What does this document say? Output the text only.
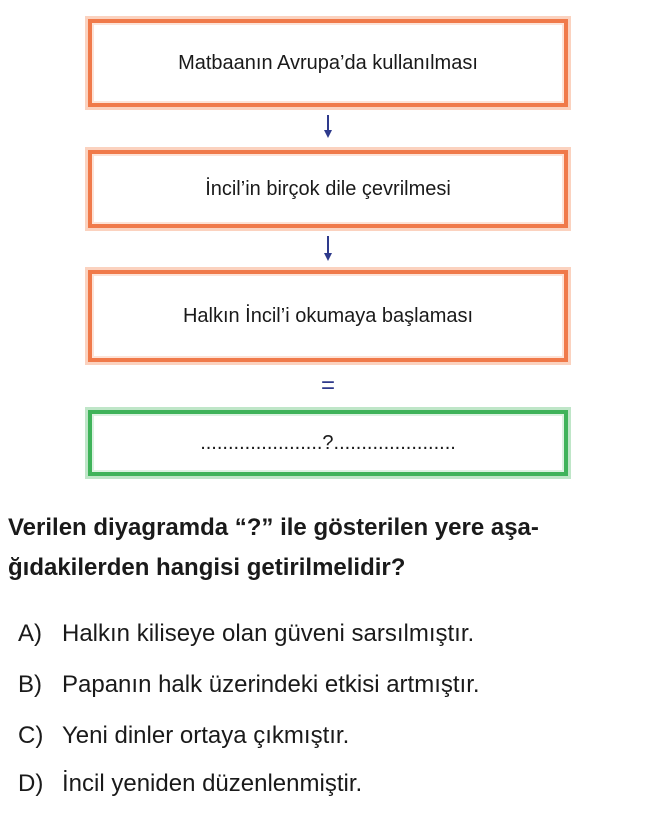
Matbaanın Avrupa’da kullanılması
İncil’in birçok dile çevrilmesi
Halkın İncil’i okumaya başlaması
=
......................?......................
Verilen diyagramda “?” ile gösterilen yere aşa-
ğıdakilerden hangisi getirilmelidir?
A) Halkın kiliseye olan güveni sarsılmıştır.
B) Papanın halk üzerindeki etkisi artmıştır.
C) Yeni dinler ortaya çıkmıştır.
D) İncil yeniden düzenlenmiştir.
